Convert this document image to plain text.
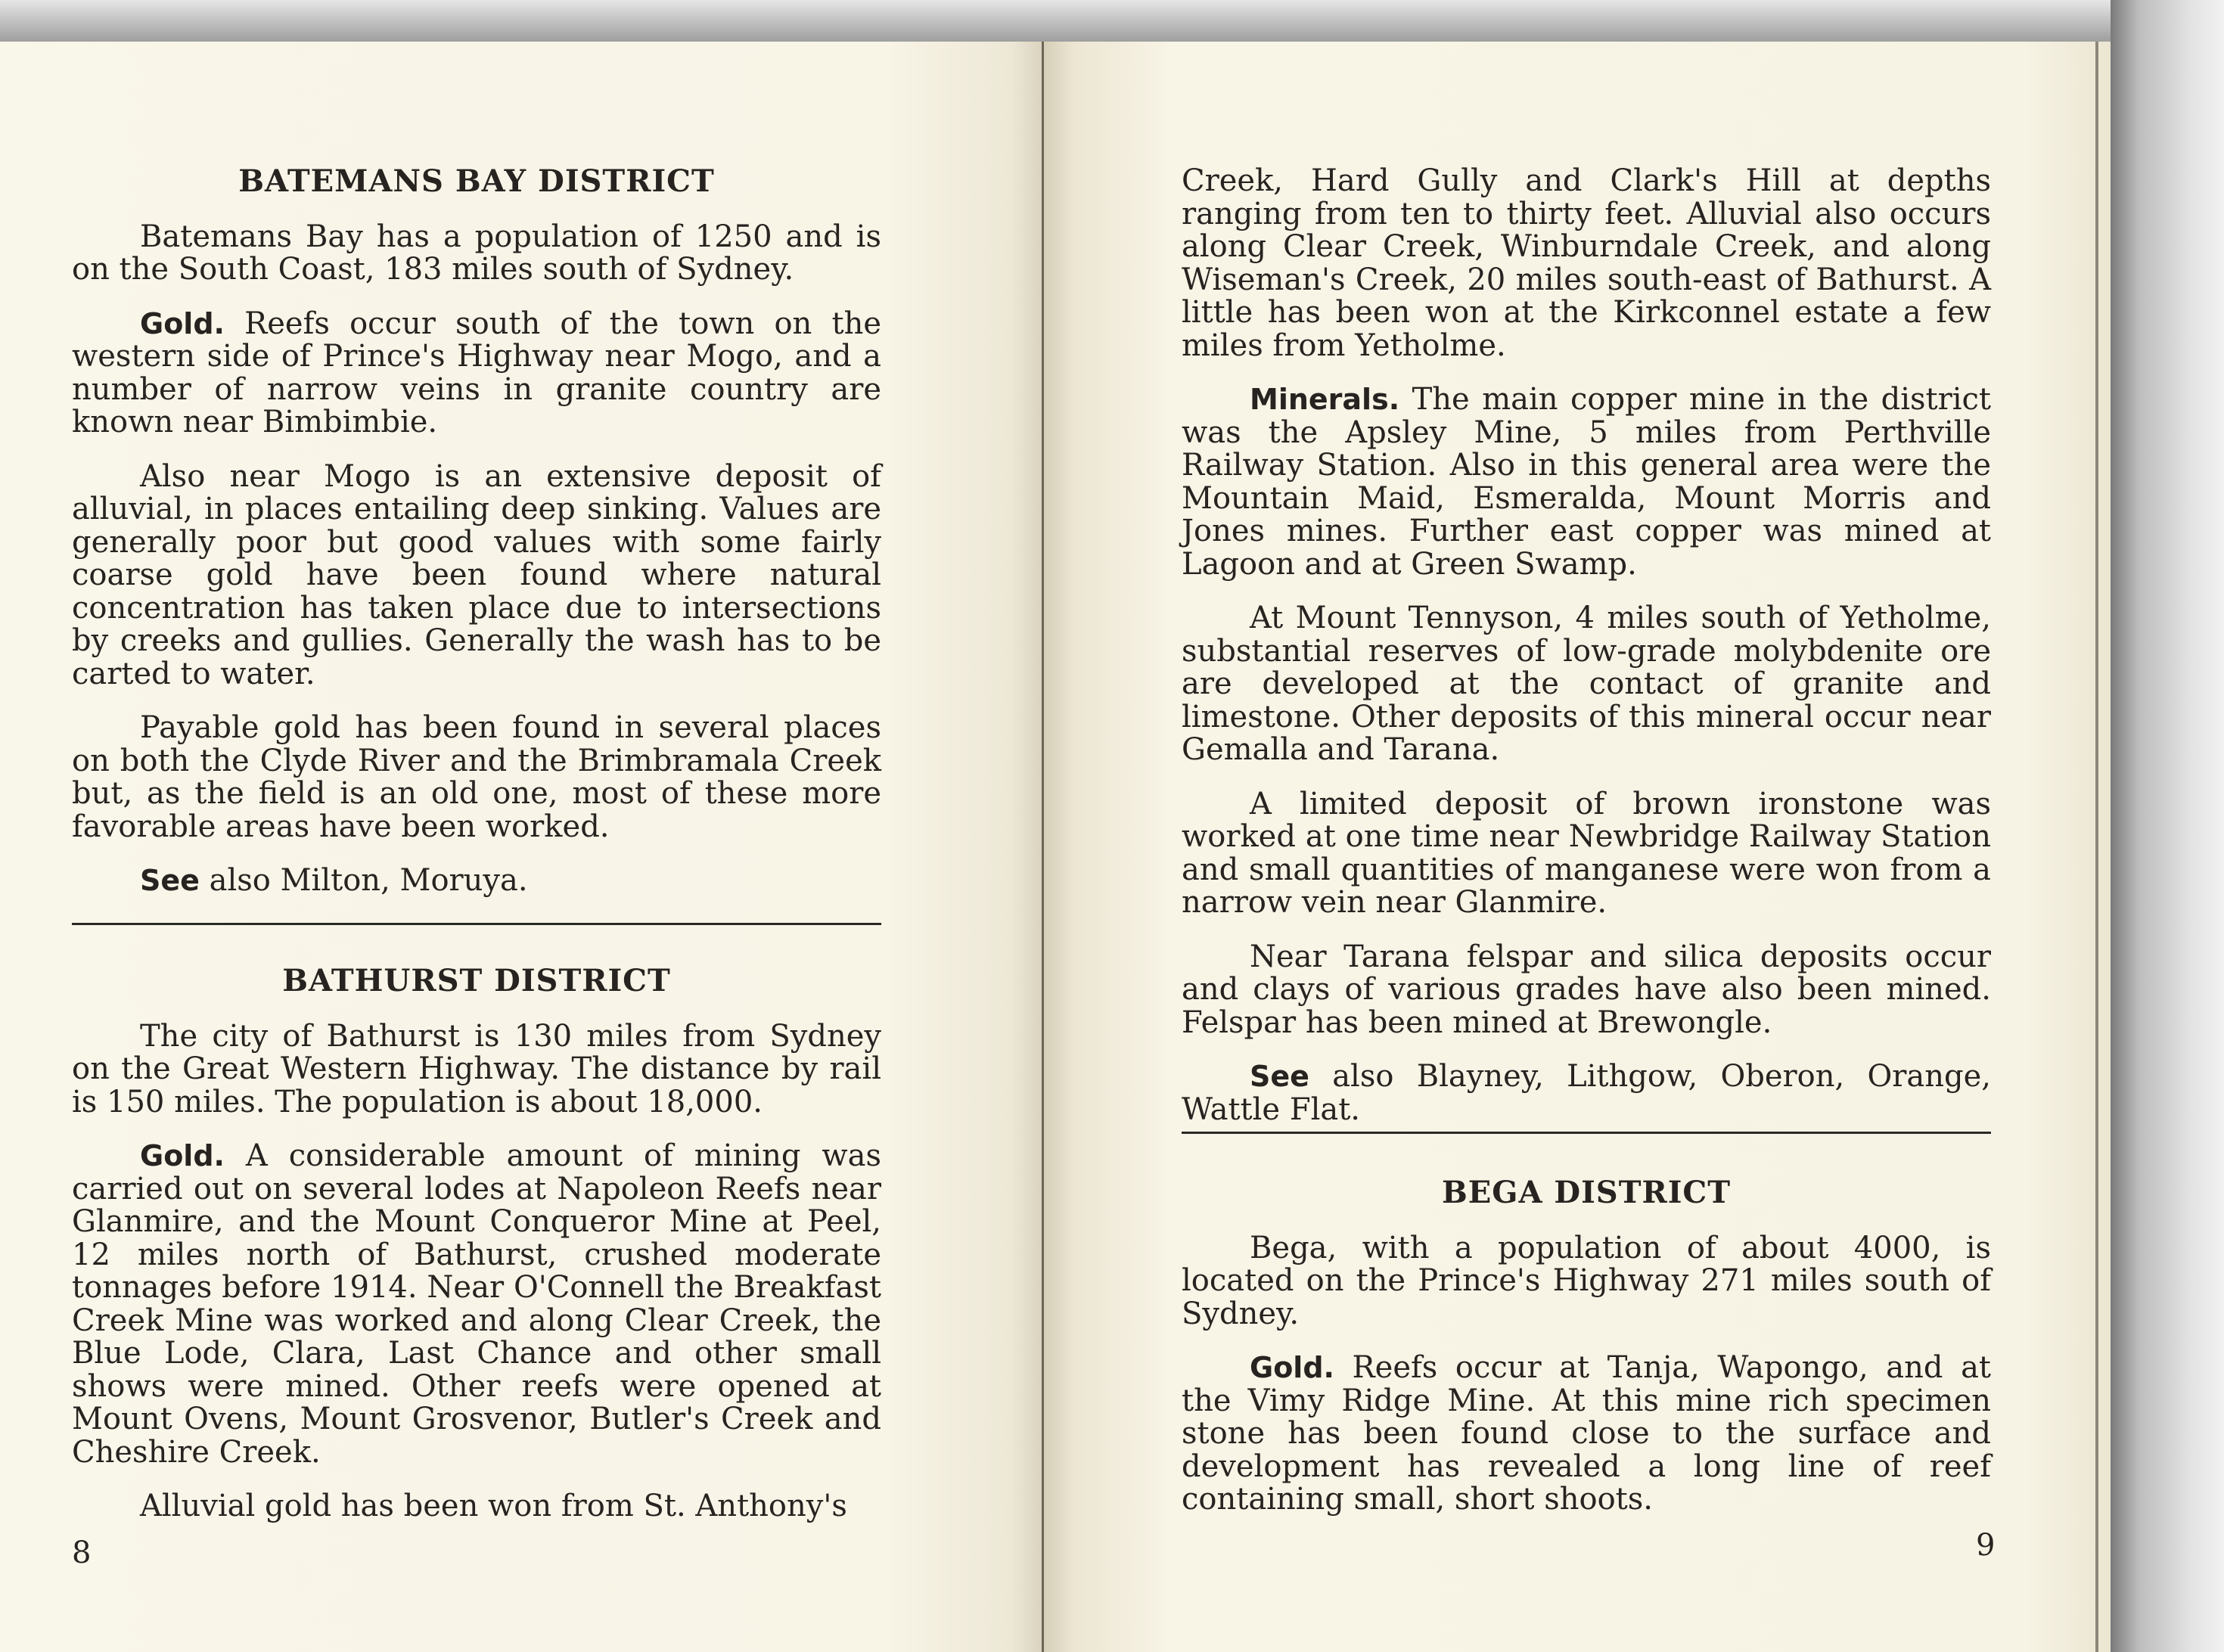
BATEMANS BAY DISTRICT

Batemans Bay has a population of 1250 and is on the South Coast, 183 miles south of Sydney.

Gold. Reefs occur south of the town on the western side of Prince's Highway near Mogo, and a number of narrow veins in granite country are known near Bimbimbie.

Also near Mogo is an extensive deposit of alluvial, in places entailing deep sinking. Values are generally poor but good values with some fairly coarse gold have been found where natural concentration has taken place due to intersections by creeks and gullies. Generally the wash has to be carted to water.

Payable gold has been found in several places on both the Clyde River and the Brimbramala Creek but, as the field is an old one, most of these more favorable areas have been worked.

See also Milton, Moruya.

BATHURST DISTRICT

The city of Bathurst is 130 miles from Sydney on the Great Western Highway. The distance by rail is 150 miles. The population is about 18,000.

Gold. A considerable amount of mining was carried out on several lodes at Napoleon Reefs near Glanmire, and the Mount Conqueror Mine at Peel, 12 miles north of Bathurst, crushed moderate tonnages before 1914. Near O'Connell the Breakfast Creek Mine was worked and along Clear Creek, the Blue Lode, Clara, Last Chance and other small shows were mined. Other reefs were opened at Mount Ovens, Mount Grosvenor, Butler's Creek and Cheshire Creek.

Alluvial gold has been won from St. Anthony's

8

Creek, Hard Gully and Clark's Hill at depths ranging from ten to thirty feet. Alluvial also occurs along Clear Creek, Winburndale Creek, and along Wiseman's Creek, 20 miles south-east of Bathurst. A little has been won at the Kirkconnel estate a few miles from Yetholme.

Minerals. The main copper mine in the district was the Apsley Mine, 5 miles from Perthville Railway Station. Also in this general area were the Mountain Maid, Esmeralda, Mount Morris and Jones mines. Further east copper was mined at Lagoon and at Green Swamp.

At Mount Tennyson, 4 miles south of Yetholme, substantial reserves of low-grade molybdenite ore are developed at the contact of granite and limestone. Other deposits of this mineral occur near Gemalla and Tarana.

A limited deposit of brown ironstone was worked at one time near Newbridge Railway Station and small quantities of manganese were won from a narrow vein near Glanmire.

Near Tarana felspar and silica deposits occur and clays of various grades have also been mined. Felspar has been mined at Brewongle.

See also Blayney, Lithgow, Oberon, Orange, Wattle Flat.

BEGA DISTRICT

Bega, with a population of about 4000, is located on the Prince's Highway 271 miles south of Sydney.

Gold. Reefs occur at Tanja, Wapongo, and at the Vimy Ridge Mine. At this mine rich specimen stone has been found close to the surface and development has revealed a long line of reef containing small, short shoots.

9
